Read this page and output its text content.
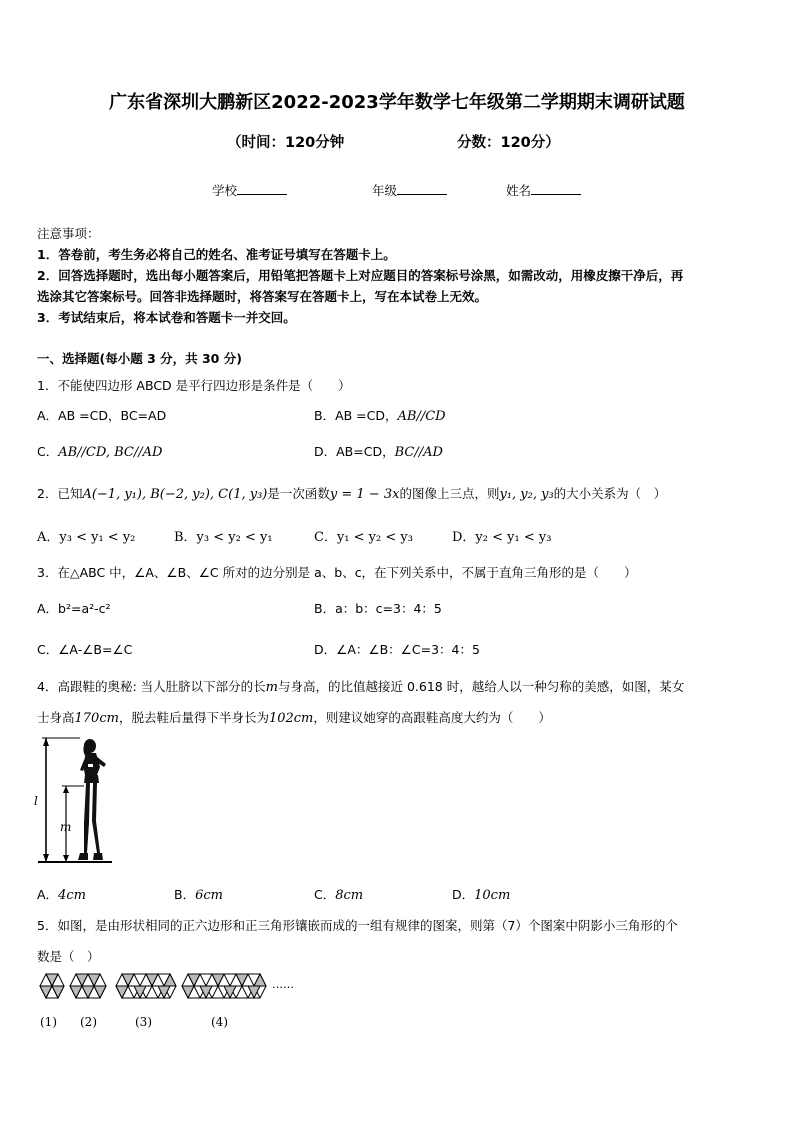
广东省深圳大鹏新区2022-2023学年数学七年级第二学期期末调研试题
（时间：120分钟	分数：120分）
学校	年级	姓名
注意事项：
1．答卷前，考生务必将自己的姓名、准考证号填写在答题卡上。
2．回答选择题时，选出每小题答案后，用铅笔把答题卡上对应题目的答案标号涂黑，如需改动，用橡皮擦干净后，再
选涂其它答案标号。回答非选择题时，将答案写在答题卡上，写在本试卷上无效。
3．考试结束后，将本试卷和答题卡一并交回。
一、选择题(每小题 3 分，共 30 分)
1．不能使四边形 ABCD 是平行四边形是条件是（　　）
A．AB =CD，BC=AD	B．AB =CD，AB//CD
C．AB//CD, BC//AD	D．AB=CD，BC//AD
2．已知A(−1, y₁), B(−2, y₂), C(1, y₃)是一次函数y = 1 − 3x的图像上三点，则y₁, y₂, y₃的大小关系为（　）
A．y₃ < y₁ < y₂	B．y₃ < y₂ < y₁	C．y₁ < y₂ < y₃	D．y₂ < y₁ < y₃
3．在△ABC 中，∠A、∠B、∠C 所对的边分别是 a、b、c，在下列关系中，不属于直角三角形的是（　　）
A．b²=a²-c²	B．a：b：c=3：4：5
C．∠A-∠B=∠C	D．∠A：∠B：∠C=3：4：5
4．高跟鞋的奥秘: 当人肚脐以下部分的长m与身高，的比值越接近 0.618 时，越给人以一种匀称的美感，如图，某女
士身高170cm，脱去鞋后量得下半身长为102cm，则建议她穿的高跟鞋高度大约为（　　）
l
m
A．4cm	B．6cm	C．8cm	D．10cm
5．如图，是由形状相同的正六边形和正三角形镶嵌而成的一组有规律的图案，则第（7）个图案中阴影小三角形的个
数是（　）
……
(1) (2)	(3)	(4)
